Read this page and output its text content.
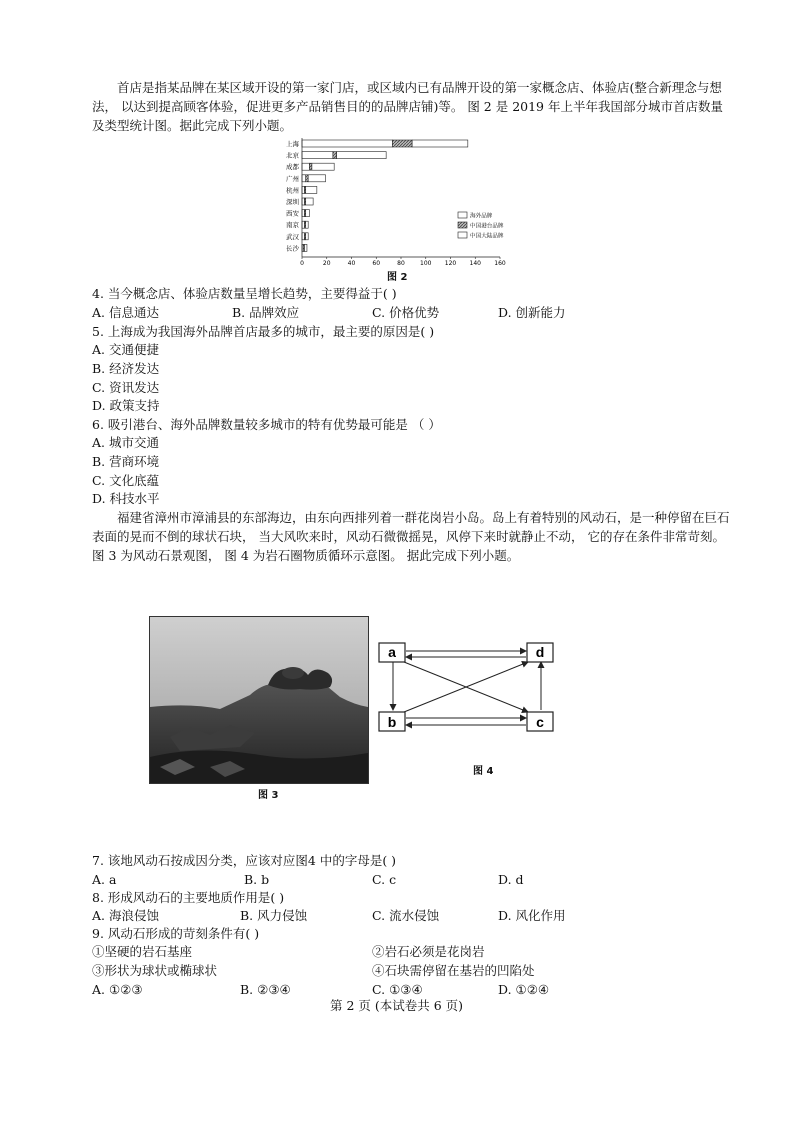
首店是指某品牌在某区域开设的第一家门店，或区域内已有品牌开设的第一家概念店、体验店(整合新理念与想法， 以达到提高顾客体验，促进更多产品销售目的的品牌店铺)等。 图 2 是 2019 年上半年我国部分城市首店数量及类型统计图。据此完成下列小题。
上海
北京
成都
广州
杭州
深圳
西安
南京
武汉
长沙
0	20	40	60	80	100 120 140 160
海外品牌
中国港台品牌
中国大陆品牌
图 2
4. 当今概念店、体验店数量呈增长趋势，主要得益于( )
A. 信息通达	B. 品牌效应	C. 价格优势	D. 创新能力
5. 上海成为我国海外品牌首店最多的城市，最主要的原因是( )
A. 交通便捷
B. 经济发达
C. 资讯发达
D. 政策支持
6. 吸引港台、海外品牌数量较多城市的特有优势最可能是 （ ）
A. 城市交通
B. 营商环境
C. 文化底蕴
D. 科技水平
福建省漳州市漳浦县的东部海边，由东向西排列着一群花岗岩小岛。岛上有着特别的风动石，是一种停留在巨石表面的晃而不倒的球状石块， 当大风吹来时，风动石微微摇晃，风停下来时就静止不动， 它的存在条件非常苛刻。 图 3 为风动石景观图， 图 4 为岩石圈物质循环示意图。 据此完成下列小题。
图 3
a	d
b	c
图 4
7. 该地风动石按成因分类，应该对应图4 中的字母是( )
A. a	B. b	C. c	D. d
8. 形成风动石的主要地质作用是( )
A. 海浪侵蚀	B. 风力侵蚀	C. 流水侵蚀	D. 风化作用
9. 风动石形成的苛刻条件有( )
①坚硬的岩石基座	②岩石必须是花岗岩
③形状为球状或椭球状	④石块需停留在基岩的凹陷处
A. ①②③	B. ②③④	C. ①③④	D. ①②④
第 2 页 (本试卷共 6 页)
